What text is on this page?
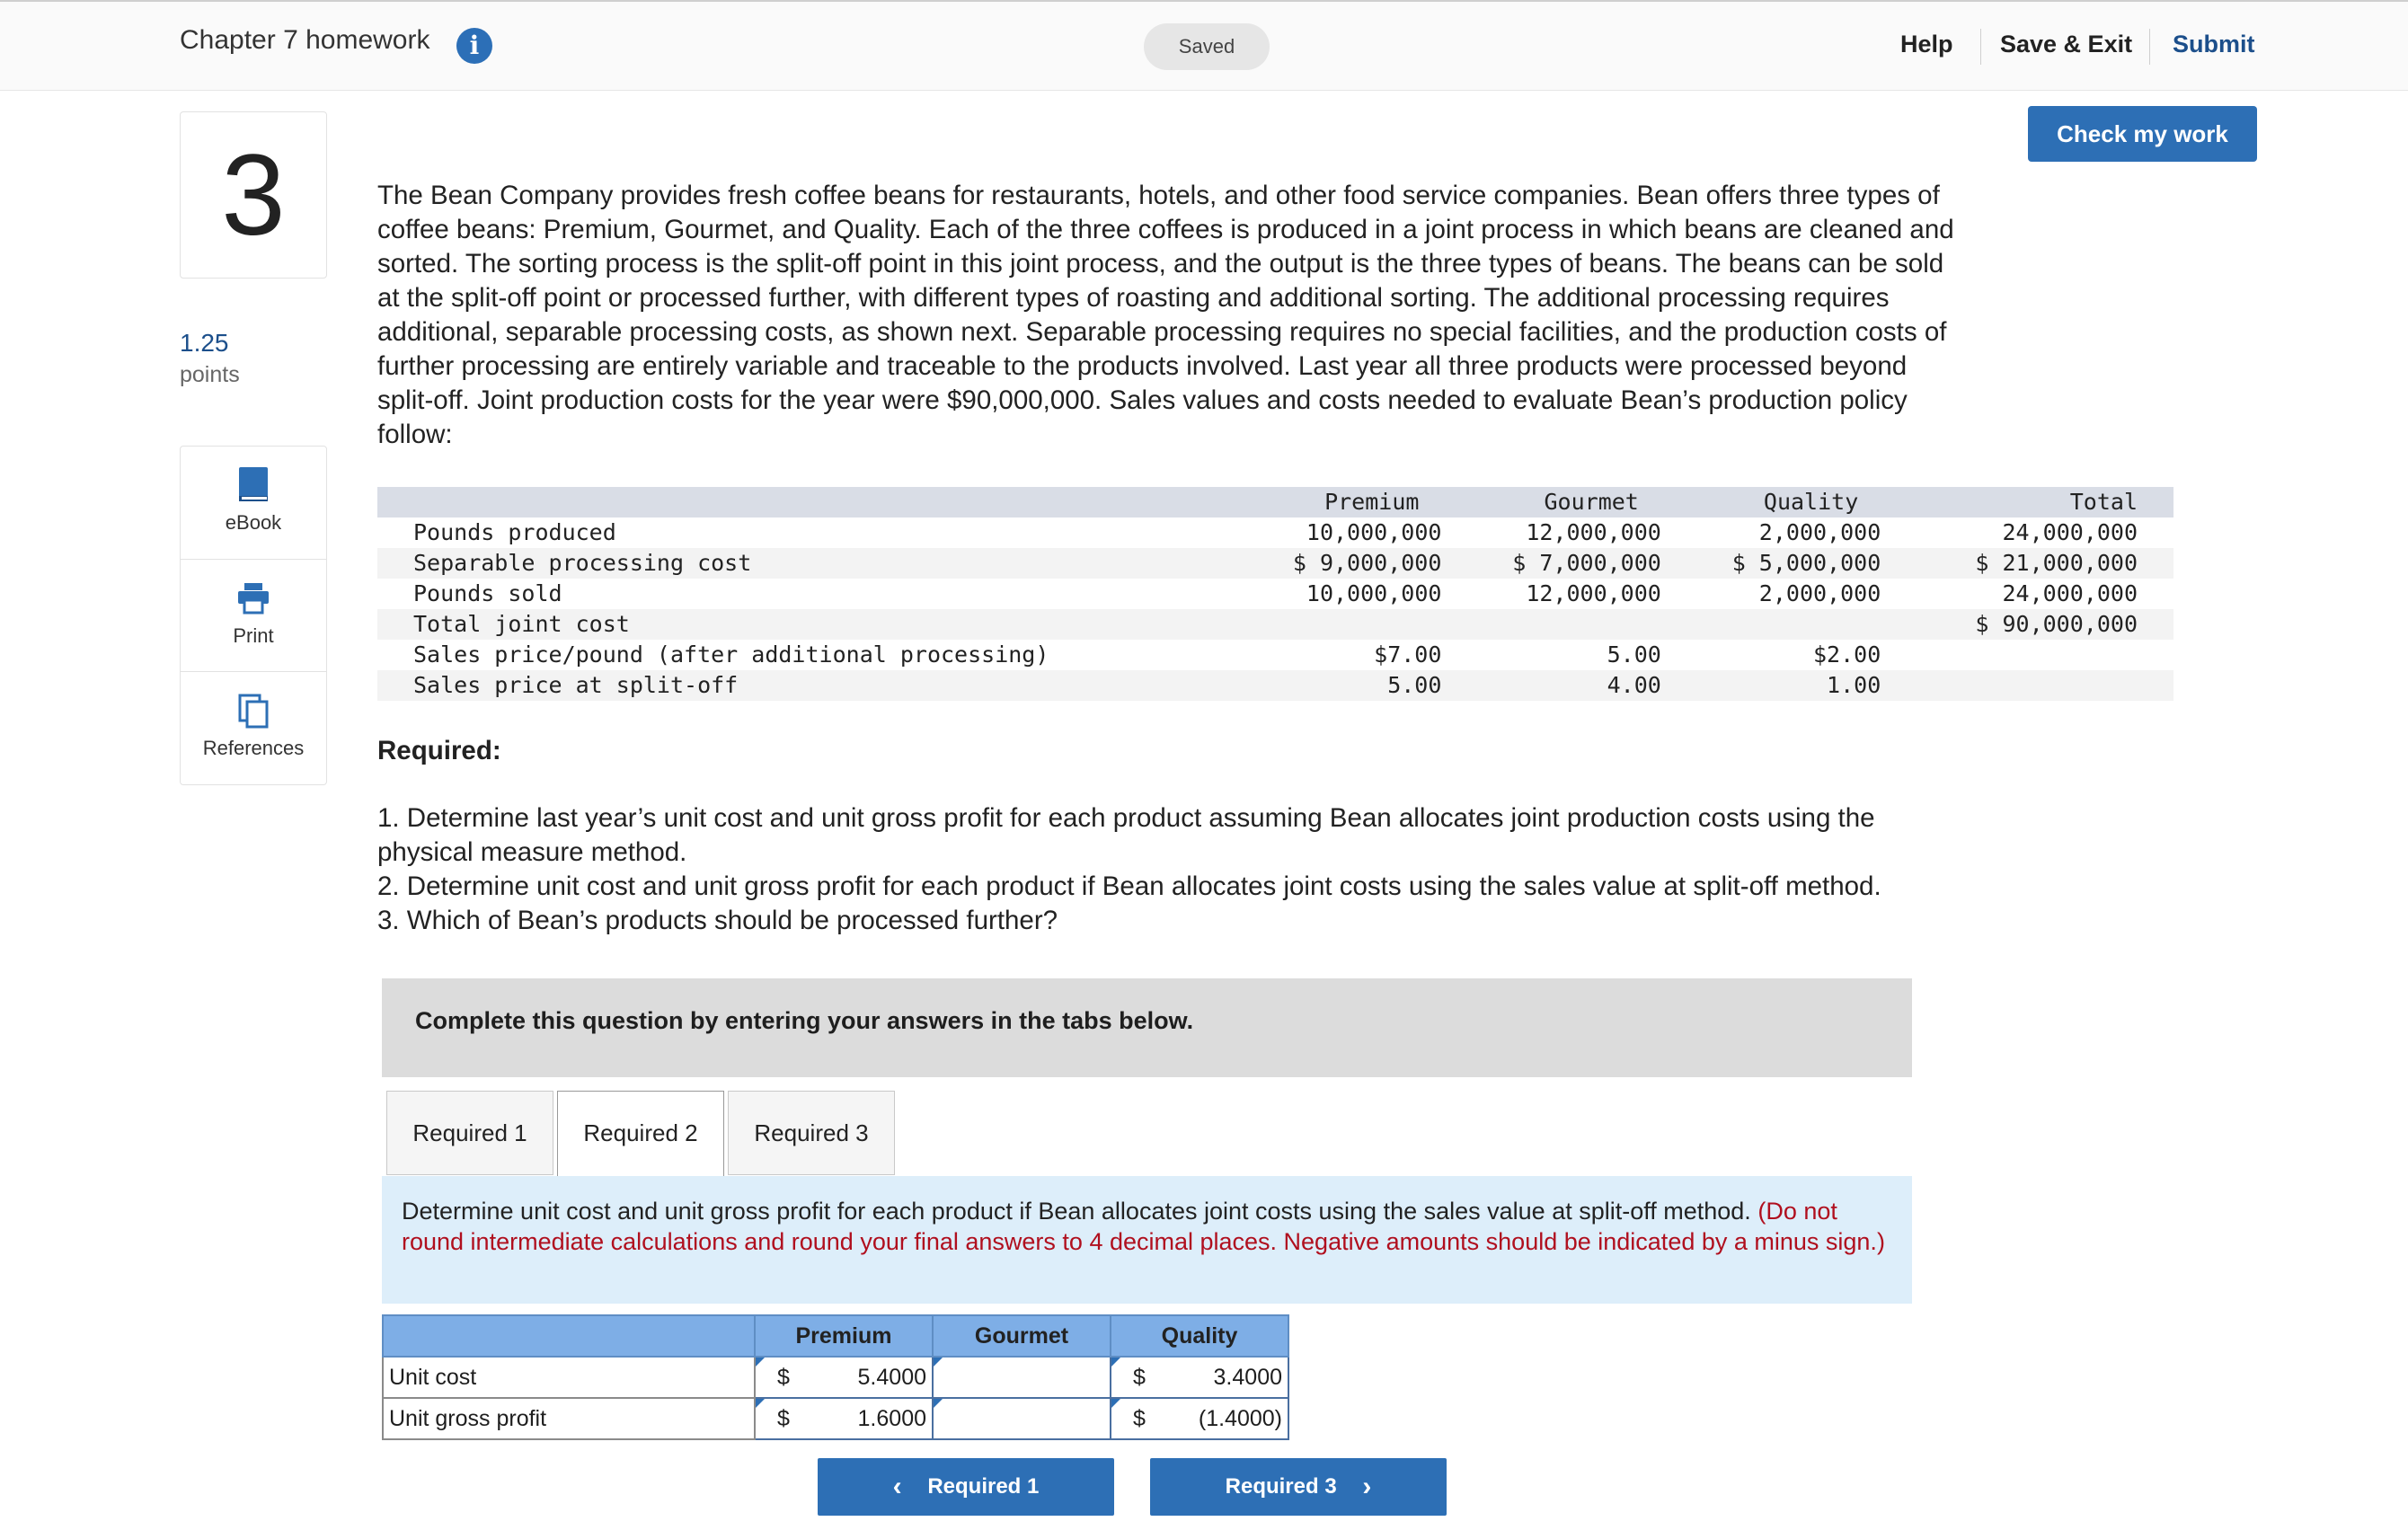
Chapter 7 homework	i	Saved	Help Save & Exit Submit
Check my work
3
1.25
points
eBook
Print
References
The Bean Company provides fresh coffee beans for restaurants, hotels, and other food service companies. Bean offers three types of
coffee beans: Premium, Gourmet, and Quality. Each of the three coffees is produced in a joint process in which beans are cleaned and
sorted. The sorting process is the split-off point in this joint process, and the output is the three types of beans. The beans can be sold
at the split-off point or processed further, with different types of roasting and additional sorting. The additional processing requires
additional, separable processing costs, as shown next. Separable processing requires no special facilities, and the production costs of
further processing are entirely variable and traceable to the products involved. Last year all three products were processed beyond
split-off. Joint production costs for the year were $90,000,000. Sales values and costs needed to evaluate Bean’s production policy
follow:
	Premium	Gourmet	Quality	Total
Pounds produced	10,000,000	12,000,000	2,000,000	24,000,000
Separable processing cost	$ 9,000,000	$ 7,000,000	$ 5,000,000	$ 21,000,000
Pounds sold	10,000,000	12,000,000	2,000,000	24,000,000
Total joint cost				$ 90,000,000
Sales price/pound (after additional processing)	$7.00	5.00	$2.00	
Sales price at split-off	5.00	4.00	1.00	
Required:
1. Determine last year’s unit cost and unit gross profit for each product assuming Bean allocates joint production costs using the
physical measure method.
2. Determine unit cost and unit gross profit for each product if Bean allocates joint costs using the sales value at split-off method.
3. Which of Bean’s products should be processed further?
Complete this question by entering your answers in the tabs below.
Required 1	Required 2	Required 3
Determine unit cost and unit gross profit for each product if Bean allocates joint costs using the sales value at split-off method. (Do not round intermediate calculations and round your final answers to 4 decimal places. Negative amounts should be indicated by a minus sign.)
	Premium	Gourmet	Quality
Unit cost	$ 5.4000		$ 3.4000

Unit gross profit	$ 1.6000		$ (1.4000)
‹ Required 1	Required 3 ›
